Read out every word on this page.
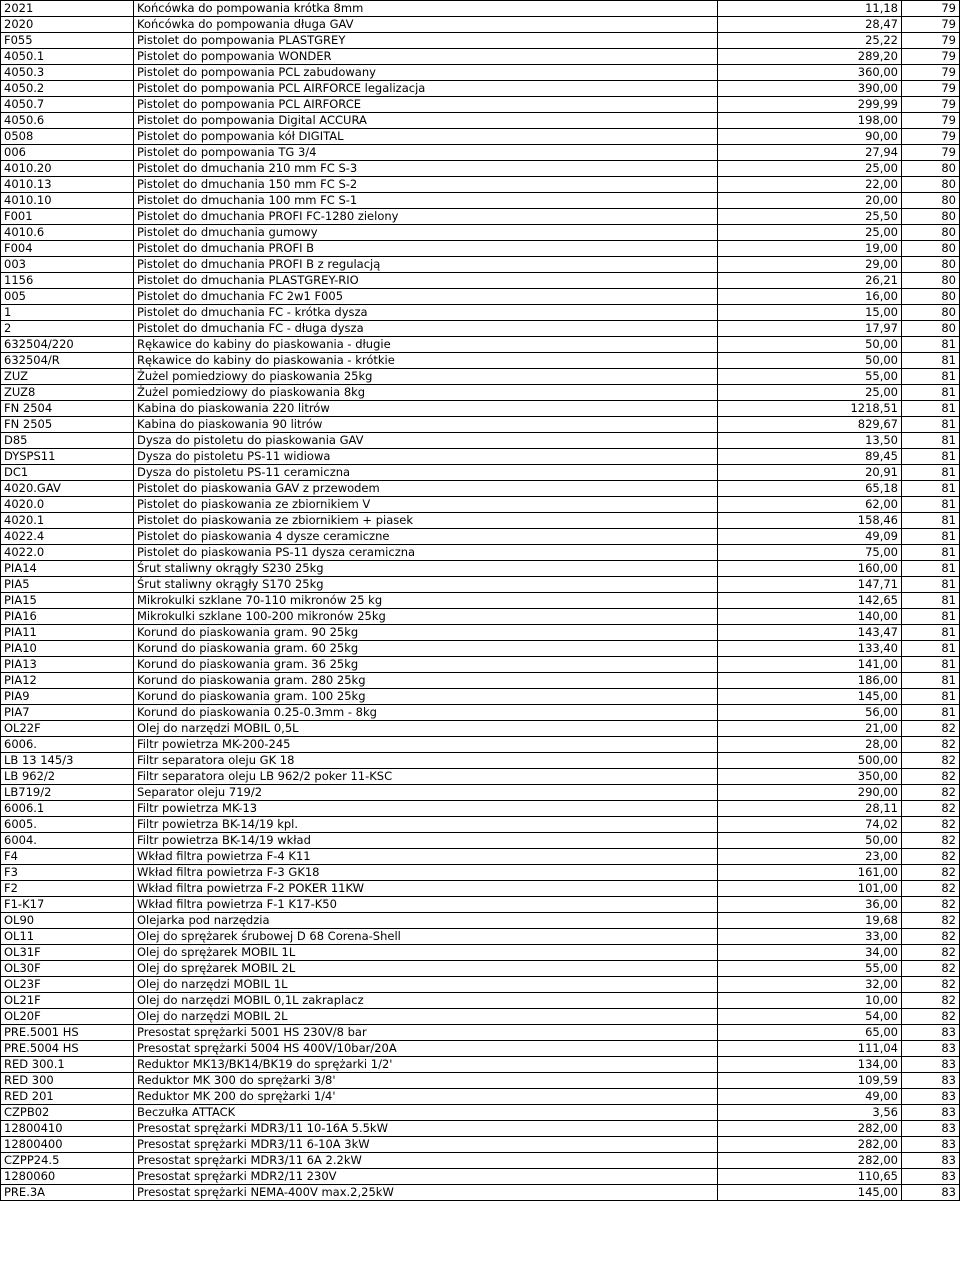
2021	Końcówka do pompowania krótka 8mm	11,18	79
2020	Końcówka do pompowania długa GAV	28,47	79
F055	Pistolet do pompowania PLASTGREY	25,22	79
4050.1	Pistolet do pompowania WONDER	289,20	79
4050.3	Pistolet do pompowania PCL zabudowany	360,00	79
4050.2	Pistolet do pompowania PCL AIRFORCE legalizacja	390,00	79
4050.7	Pistolet do pompowania PCL AIRFORCE	299,99	79
4050.6	Pistolet do pompowania Digital ACCURA	198,00	79
0508	Pistolet do pompowania kół DIGITAL	90,00	79
006	Pistolet do pompowania TG 3/4	27,94	79
4010.20	Pistolet do dmuchania 210 mm FC S-3	25,00	80
4010.13	Pistolet do dmuchania 150 mm FC S-2	22,00	80
4010.10	Pistolet do dmuchania 100 mm FC S-1	20,00	80
F001	Pistolet do dmuchania PROFI FC-1280 zielony	25,50	80
4010.6	Pistolet do dmuchania gumowy	25,00	80
F004	Pistolet do dmuchania PROFI B	19,00	80
003	Pistolet do dmuchania PROFI B z regulacją	29,00	80
1156	Pistolet do dmuchania PLASTGREY-RIO	26,21	80
005	Pistolet do dmuchania FC 2w1 F005	16,00	80
1	Pistolet do dmuchania FC - krótka dysza	15,00	80
2	Pistolet do dmuchania FC - długa dysza	17,97	80
632504/220	Rękawice do kabiny do piaskowania - długie	50,00	81
632504/R	Rękawice do kabiny do piaskowania - krótkie	50,00	81
ZUZ	Żużel pomiedziowy do piaskowania 25kg	55,00	81
ZUZ8	Żużel pomiedziowy do piaskowania 8kg	25,00	81
FN 2504	Kabina do piaskowania 220 litrów	1218,51	81
FN 2505	Kabina do piaskowania 90 litrów	829,67	81
D85	Dysza do pistoletu do piaskowania GAV	13,50	81
DYSPS11	Dysza do pistoletu PS-11 widiowa	89,45	81
DC1	Dysza do pistoletu PS-11 ceramiczna	20,91	81
4020.GAV	Pistolet do piaskowania GAV z przewodem	65,18	81
4020.0	Pistolet do piaskowania ze zbiornikiem V	62,00	81
4020.1	Pistolet do piaskowania ze zbiornikiem + piasek	158,46	81
4022.4	Pistolet do piaskowania 4 dysze ceramiczne	49,09	81
4022.0	Pistolet do piaskowania PS-11 dysza ceramiczna	75,00	81
PIA14	Śrut staliwny okrągły S230 25kg	160,00	81
PIA5	Śrut staliwny okrągły S170 25kg	147,71	81
PIA15	Mikrokulki szklane 70-110 mikronów 25 kg	142,65	81
PIA16	Mikrokulki szklane 100-200 mikronów 25kg	140,00	81
PIA11	Korund do piaskowania gram. 90 25kg	143,47	81
PIA10	Korund do piaskowania gram. 60 25kg	133,40	81
PIA13	Korund do piaskowania gram. 36 25kg	141,00	81
PIA12	Korund do piaskowania gram. 280 25kg	186,00	81
PIA9	Korund do piaskowania gram. 100 25kg	145,00	81
PIA7	Korund do piaskowania 0.25-0.3mm - 8kg	56,00	81
OL22F	Olej do narzędzi MOBIL 0,5L	21,00	82
6006.	Filtr powietrza MK-200-245	28,00	82
LB 13 145/3	Filtr separatora oleju GK 18	500,00	82
LB 962/2	Filtr separatora oleju LB 962/2 poker 11-KSC	350,00	82
LB719/2	Separator oleju 719/2	290,00	82
6006.1	Filtr powietrza MK-13	28,11	82
6005.	Filtr powietrza BK-14/19 kpl.	74,02	82
6004.	Filtr powietrza BK-14/19 wkład	50,00	82
F4	Wkład filtra powietrza F-4 K11	23,00	82
F3	Wkład filtra powietrza F-3 GK18	161,00	82
F2	Wkład filtra powietrza F-2 POKER 11KW	101,00	82
F1-K17	Wkład filtra powietrza F-1 K17-K50	36,00	82
OL90	Olejarka pod narzędzia	19,68	82
OL11	Olej do sprężarek śrubowej D 68 Corena-Shell	33,00	82
OL31F	Olej do sprężarek MOBIL 1L	34,00	82
OL30F	Olej do sprężarek MOBIL 2L	55,00	82
OL23F	Olej do narzędzi MOBIL 1L	32,00	82
OL21F	Olej do narzędzi MOBIL 0,1L zakraplacz	10,00	82
OL20F	Olej do narzędzi MOBIL 2L	54,00	82
PRE.5001 HS	Presostat sprężarki 5001 HS 230V/8 bar	65,00	83
PRE.5004 HS	Presostat sprężarki 5004 HS 400V/10bar/20A	111,04	83
RED 300.1	Reduktor MK13/BK14/BK19 do sprężarki 1/2'	134,00	83
RED 300	Reduktor MK 300 do sprężarki 3/8'	109,59	83
RED 201	Reduktor MK 200 do sprężarki 1/4'	49,00	83
CZPB02	Beczułka ATTACK	3,56	83
12800410	Presostat sprężarki MDR3/11 10-16A 5.5kW	282,00	83
12800400	Presostat sprężarki MDR3/11 6-10A 3kW	282,00	83
CZPP24.5	Presostat sprężarki MDR3/11 6A 2.2kW	282,00	83
1280060	Presostat sprężarki MDR2/11 230V	110,65	83
PRE.3A	Presostat sprężarki NEMA-400V max.2,25kW	145,00	83
